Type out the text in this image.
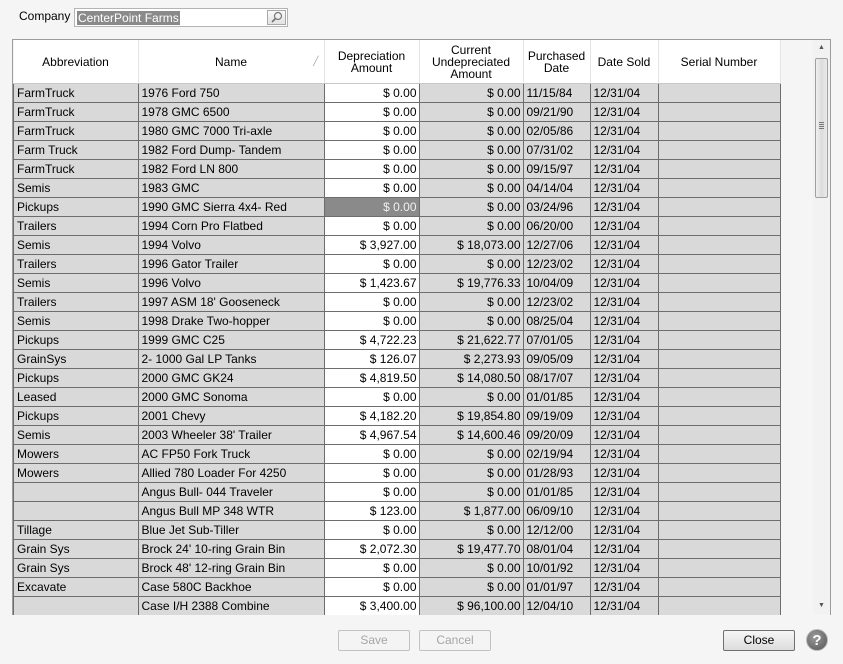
Company CenterPoint Farms
Abbreviation	Name ╱	Depreciation Amount	Current Undepreciated Amount	Purchased Date	Date Sold	Serial Number
FarmTruck	1976 Ford 750	$ 0.00	$ 0.00	11/15/84	12/31/04	
FarmTruck	1978 GMC 6500	$ 0.00	$ 0.00	09/21/90	12/31/04	
FarmTruck	1980 GMC 7000 Tri-axle	$ 0.00	$ 0.00	02/05/86	12/31/04	
Farm Truck	1982 Ford Dump- Tandem	$ 0.00	$ 0.00	07/31/02	12/31/04	
FarmTruck	1982 Ford LN 800	$ 0.00	$ 0.00	09/15/97	12/31/04	
Semis	1983 GMC	$ 0.00	$ 0.00	04/14/04	12/31/04	
Pickups	1990 GMC Sierra 4x4- Red	$ 0.00	$ 0.00	03/24/96	12/31/04	
Trailers	1994 Corn Pro Flatbed	$ 0.00	$ 0.00	06/20/00	12/31/04	
Semis	1994 Volvo	$ 3,927.00	$ 18,073.00	12/27/06	12/31/04	
Trailers	1996 Gator Trailer	$ 0.00	$ 0.00	12/23/02	12/31/04	
Semis	1996 Volvo	$ 1,423.67	$ 19,776.33	10/04/09	12/31/04	
Trailers	1997 ASM 18' Gooseneck	$ 0.00	$ 0.00	12/23/02	12/31/04	
Semis	1998 Drake Two-hopper	$ 0.00	$ 0.00	08/25/04	12/31/04	
Pickups	1999 GMC C25	$ 4,722.23	$ 21,622.77	07/01/05	12/31/04	
GrainSys	2- 1000 Gal LP Tanks	$ 126.07	$ 2,273.93	09/05/09	12/31/04	
Pickups	2000 GMC GK24	$ 4,819.50	$ 14,080.50	08/17/07	12/31/04	
Leased	2000 GMC Sonoma	$ 0.00	$ 0.00	01/01/85	12/31/04	
Pickups	2001 Chevy	$ 4,182.20	$ 19,854.80	09/19/09	12/31/04	
Semis	2003 Wheeler 38' Trailer	$ 4,967.54	$ 14,600.46	09/20/09	12/31/04	
Mowers	AC FP50 Fork Truck	$ 0.00	$ 0.00	02/19/94	12/31/04	
Mowers	Allied 780 Loader For 4250	$ 0.00	$ 0.00	01/28/93	12/31/04	
	Angus Bull- 044 Traveler	$ 0.00	$ 0.00	01/01/85	12/31/04	
	Angus Bull MP 348 WTR	$ 123.00	$ 1,877.00	06/09/10	12/31/04	
Tillage	Blue Jet Sub-Tiller	$ 0.00	$ 0.00	12/12/00	12/31/04	
Grain Sys	Brock 24' 10-ring Grain Bin	$ 2,072.30	$ 19,477.70	08/01/04	12/31/04	
Grain Sys	Brock 48' 12-ring Grain Bin	$ 0.00	$ 0.00	10/01/92	12/31/04	
Excavate	Case 580C Backhoe	$ 0.00	$ 0.00	01/01/97	12/31/04	
	Case I/H 2388 Combine	$ 3,400.00	$ 96,100.00	12/04/10	12/31/04	
▲
▼
Save	Cancel	Close	?
